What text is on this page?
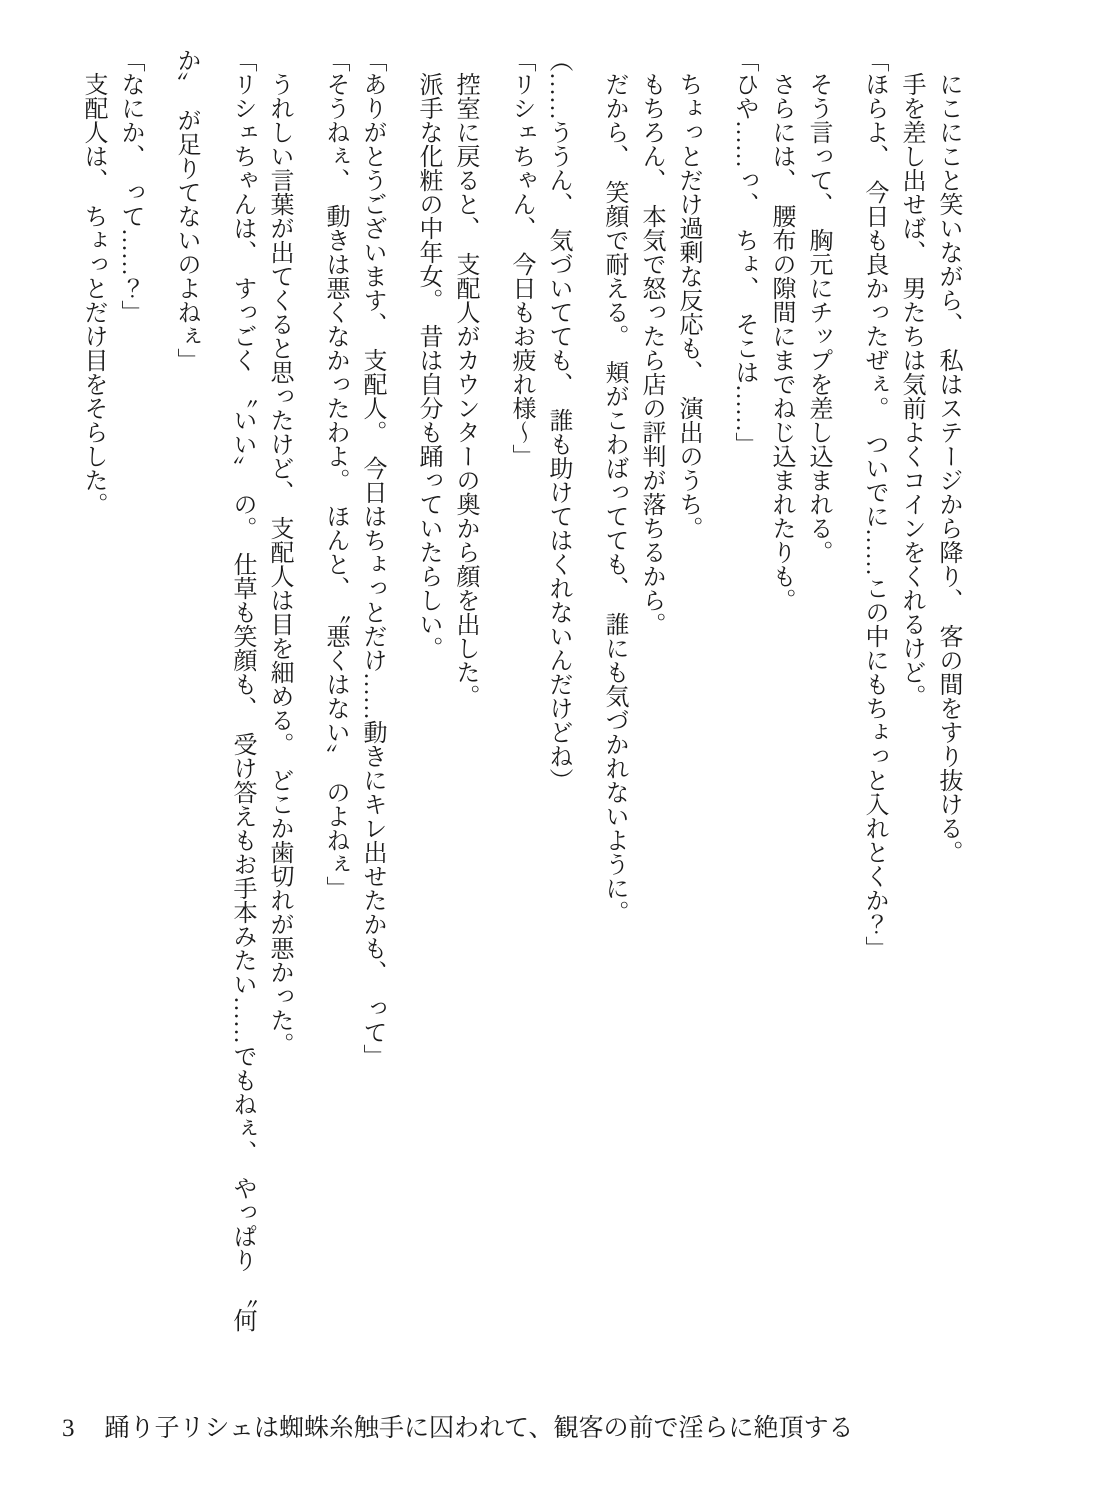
にこにこと笑いながら、　私はステージから降り、　客の間をすり抜ける。

手を差し出せば、　男たちは気前よくコインをくれるけど。

「ほらよ、　今日も良かったぜぇ。　ついでに……この中にもちょっと入れとくか？」

そう言って、　胸元にチップを差し込まれる。

さらには、　腰布の隙間にまでねじ込まれたりも。

「ひや……っ、　ちょ、　そこは……」

ちょっとだけ過剰な反応も、　演出のうち。

もちろん、　本気で怒ったら店の評判が落ちるから。

だから、　笑顔で耐える。　頬がこわばってても、　誰にも気づかれないように。

（……ううん、　気づいてても、　誰も助けてはくれないんだけどね）

「リシェちゃん、　今日もお疲れ様～」

控室に戻ると、　支配人がカウンターの奥から顔を出した。

派手な化粧の中年女。　昔は自分も踊っていたらしい。

「ありがとうございます、　支配人。　今日はちょっとだけ……動きにキレ出せたかも、　って」

「そうねぇ、　動きは悪くなかったわよ。　ほんと、　〝悪くはない〟　のよねぇ」

うれしい言葉が出てくると思ったけど、　支配人は目を細める。　どこか歯切れが悪かった。

「リシェちゃんは、　すっごく　〝いい〟　の。　仕草も笑顔も、　受け答えもお手本みたい……でもねぇ、　やっぱり　〝何

か〟　が足りてないのよねぇ」

「なにか、　って……？」

支配人は、　ちょっとだけ目をそらした。

3 踊り子リシェは蜘蛛糸触手に囚われて、観客の前で淫らに絶頂する
